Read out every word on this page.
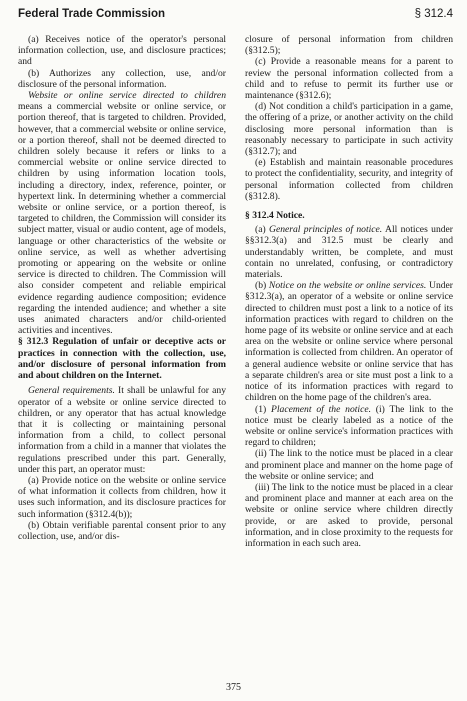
Federal Trade Commission	§ 312.4

(a) Receives notice of the operator's personal information collection, use, and disclosure practices; and

(b) Authorizes any collection, use, and/or disclosure of the personal information.

Website or online service directed to children means a commercial website or online service, or portion thereof, that is targeted to children. Provided, however, that a commercial website or online service, or a portion thereof, shall not be deemed directed to children solely because it refers or links to a commercial website or online service directed to children by using information location tools, including a directory, index, reference, pointer, or hypertext link. In determining whether a commercial website or online service, or a portion thereof, is targeted to children, the Commission will consider its subject matter, visual or audio content, age of models, language or other characteristics of the website or online service, as well as whether advertising promoting or appearing on the website or online service is directed to children. The Commission will also consider competent and reliable empirical evidence regarding audience composition; evidence regarding the intended audience; and whether a site uses animated characters and/or child-oriented activities and incentives.

§ 312.3 Regulation of unfair or deceptive acts or practices in connection with the collection, use, and/or disclosure of personal information from and about children on the Internet.

General requirements. It shall be unlawful for any operator of a website or online service directed to children, or any operator that has actual knowledge that it is collecting or maintaining personal information from a child, to collect personal information from a child in a manner that violates the regulations prescribed under this part. Generally, under this part, an operator must:

(a) Provide notice on the website or online service of what information it collects from children, how it uses such information, and its disclosure practices for such information (§312.4(b));

(b) Obtain verifiable parental consent prior to any collection, use, and/or dis-

closure of personal information from children (§312.5);

(c) Provide a reasonable means for a parent to review the personal information collected from a child and to refuse to permit its further use or maintenance (§312.6);

(d) Not condition a child's participation in a game, the offering of a prize, or another activity on the child disclosing more personal information than is reasonably necessary to participate in such activity (§312.7); and

(e) Establish and maintain reasonable procedures to protect the confidentiality, security, and integrity of personal information collected from children (§312.8).

§ 312.4 Notice.

(a) General principles of notice. All notices under §§312.3(a) and 312.5 must be clearly and understandably written, be complete, and must contain no unrelated, confusing, or contradictory materials.

(b) Notice on the website or online services. Under §312.3(a), an operator of a website or online service directed to children must post a link to a notice of its information practices with regard to children on the home page of its website or online service and at each area on the website or online service where personal information is collected from children. An operator of a general audience website or online service that has a separate children's area or site must post a link to a notice of its information practices with regard to children on the home page of the children's area.

(1) Placement of the notice. (i) The link to the notice must be clearly labeled as a notice of the website or online service's information practices with regard to children;

(ii) The link to the notice must be placed in a clear and prominent place and manner on the home page of the website or online service; and

(iii) The link to the notice must be placed in a clear and prominent place and manner at each area on the website or online service where children directly provide, or are asked to provide, personal information, and in close proximity to the requests for information in each such area.

375
